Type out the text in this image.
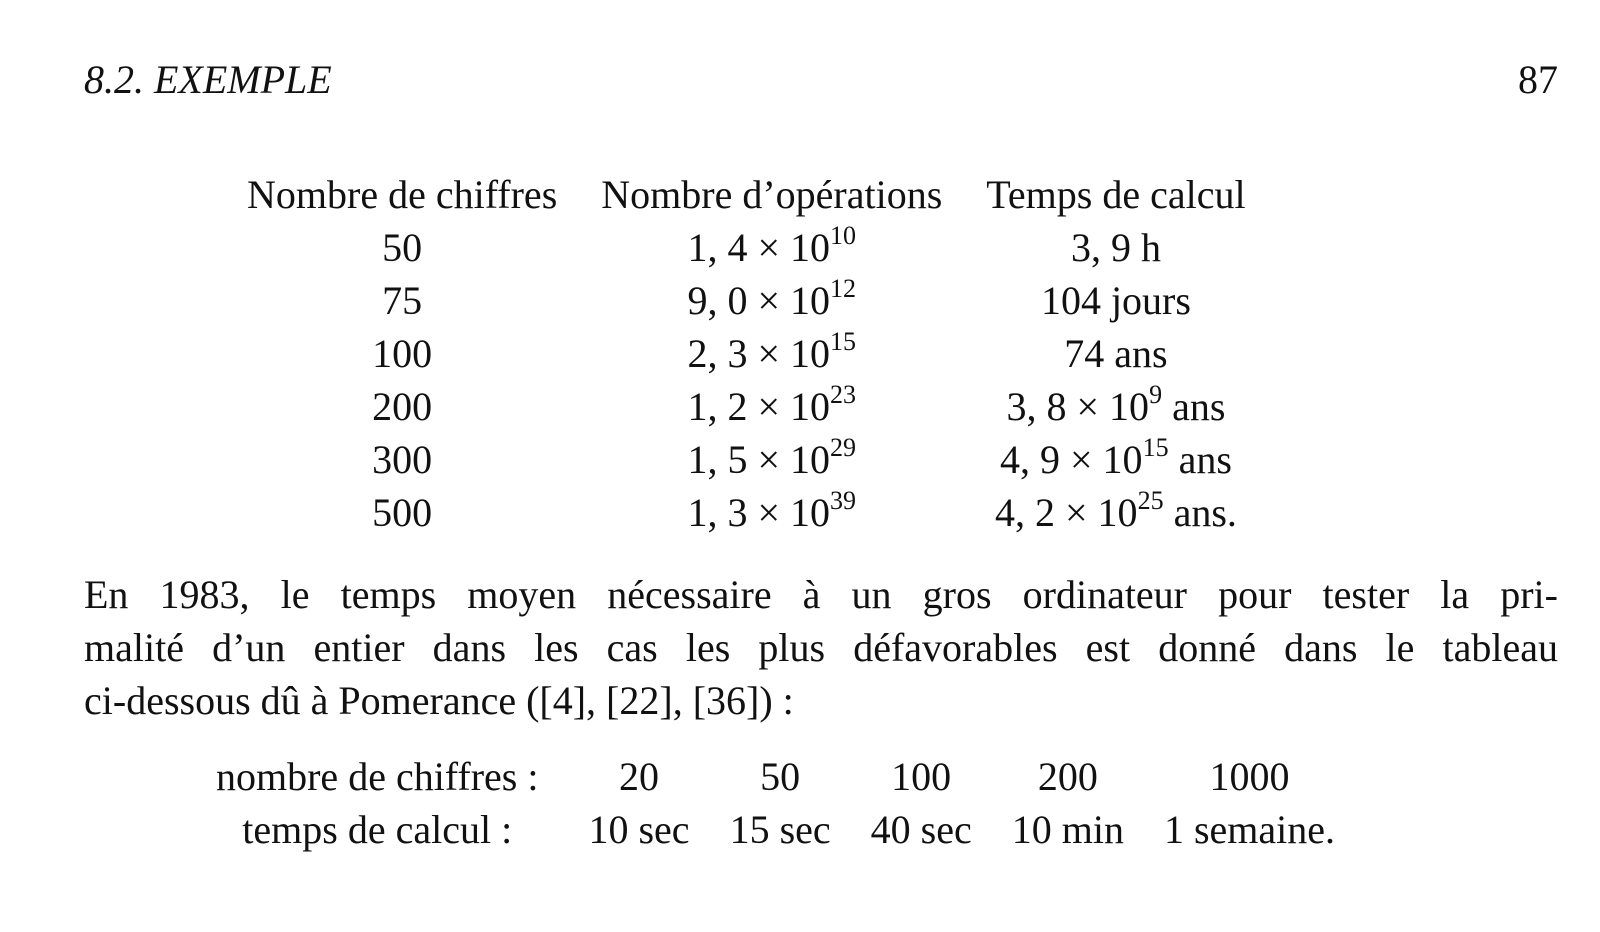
8.2. EXEMPLE	87
Nombre de chiffres	Nombre d’opérations	Temps de calcul
50	1, $4 \times 10^{10}$	3, 9 h
75	9, $0 \times 10^{12}$	104 jours
100	2, $3 \times 10^{15}$	74 ans
200	1, $2 \times 10^{23}$	3, $8 \times 10^9$ ans
300	1, $5 \times 10^{29}$	4, $9 \times 10^{15}$ ans
500	1, $3 \times 10^{39}$	4, $2 \times 10^{25}$ ans.
En 1983, le temps moyen nécessaire à un gros ordinateur pour tester la pri-
malité d’un entier dans les cas les plus défavorables est donné dans le tableau
ci-dessous dû à Pomerance ([4], [22], [36]) :
nombre de chiffres :	20	50	100	200	1000
temps de calcul :	10 sec	15 sec	40 sec	10 min	1 semaine.
